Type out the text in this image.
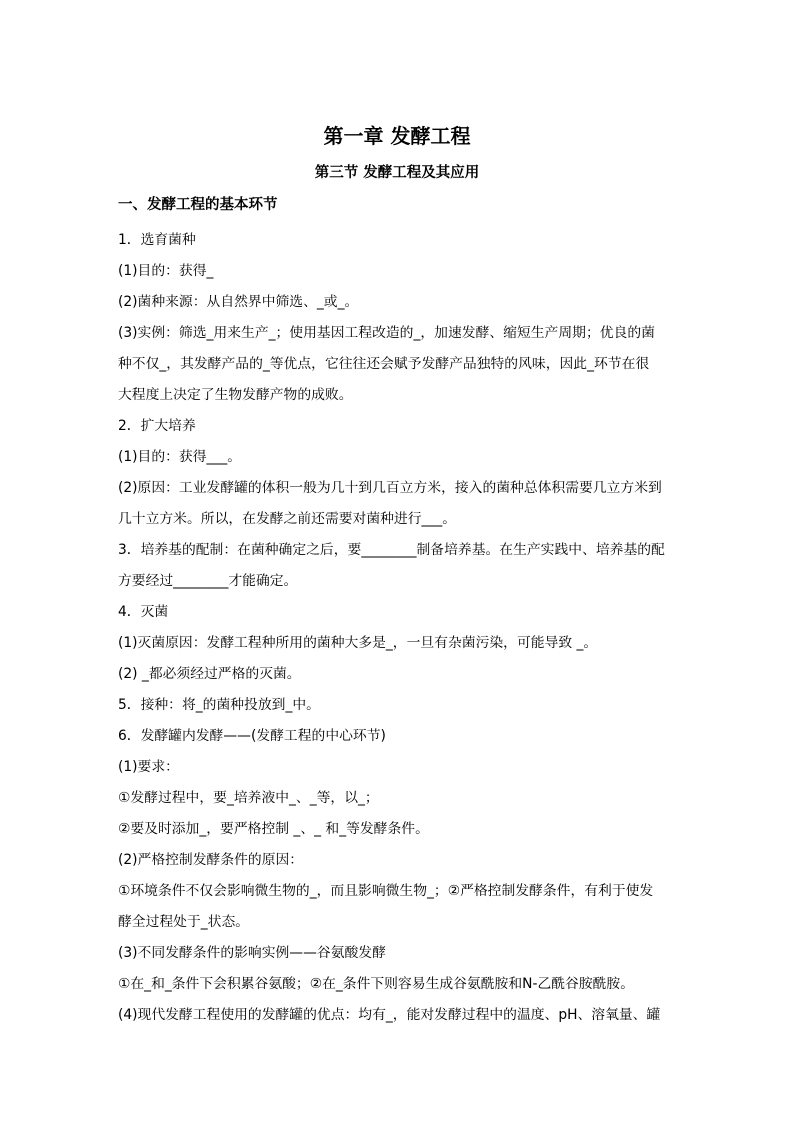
第一章 发酵工程
第三节 发酵工程及其应用
一、发酵工程的基本环节
1．选育菌种
(1)目的：获得_
(2)菌种来源：从自然界中筛选、_或_。
(3)实例：筛选_用来生产_；使用基因工程改造的_，加速发酵、缩短生产周期；优良的菌
种不仅_，其发酵产品的_等优点，它往往还会赋予发酵产品独特的风味，因此_环节在很
大程度上决定了生物发酵产物的成败。
2．扩大培养
(1)目的：获得___。
(2)原因：工业发酵罐的体积一般为几十到几百立方米，接入的菌种总体积需要几立方米到
几十立方米。所以，在发酵之前还需要对菌种进行___。
3．培养基的配制：在菌种确定之后，要________制备培养基。在生产实践中、培养基的配
方要经过________才能确定。
4．灭菌
(1)灭菌原因：发酵工程种所用的菌种大多是_，一旦有杂菌污染，可能导致 _。
(2) _都必须经过严格的灭菌。
5．接种：将_的菌种投放到_中。
6．发酵罐内发酵——(发酵工程的中心环节)
(1)要求：
①发酵过程中，要_培养液中_、_等，以_；
②要及时添加_，要严格控制 _、_ 和_等发酵条件。
(2)严格控制发酵条件的原因：
①环境条件不仅会影响微生物的_，而且影响微生物_；②严格控制发酵条件，有利于使发
酵全过程处于_状态。
(3)不同发酵条件的影响实例——谷氨酸发酵
①在_和_条件下会积累谷氨酸；②在_条件下则容易生成谷氨酰胺和N-乙酰谷胺酰胺。
(4)现代发酵工程使用的发酵罐的优点：均有_，能对发酵过程中的温度、pH、溶氧量、罐
